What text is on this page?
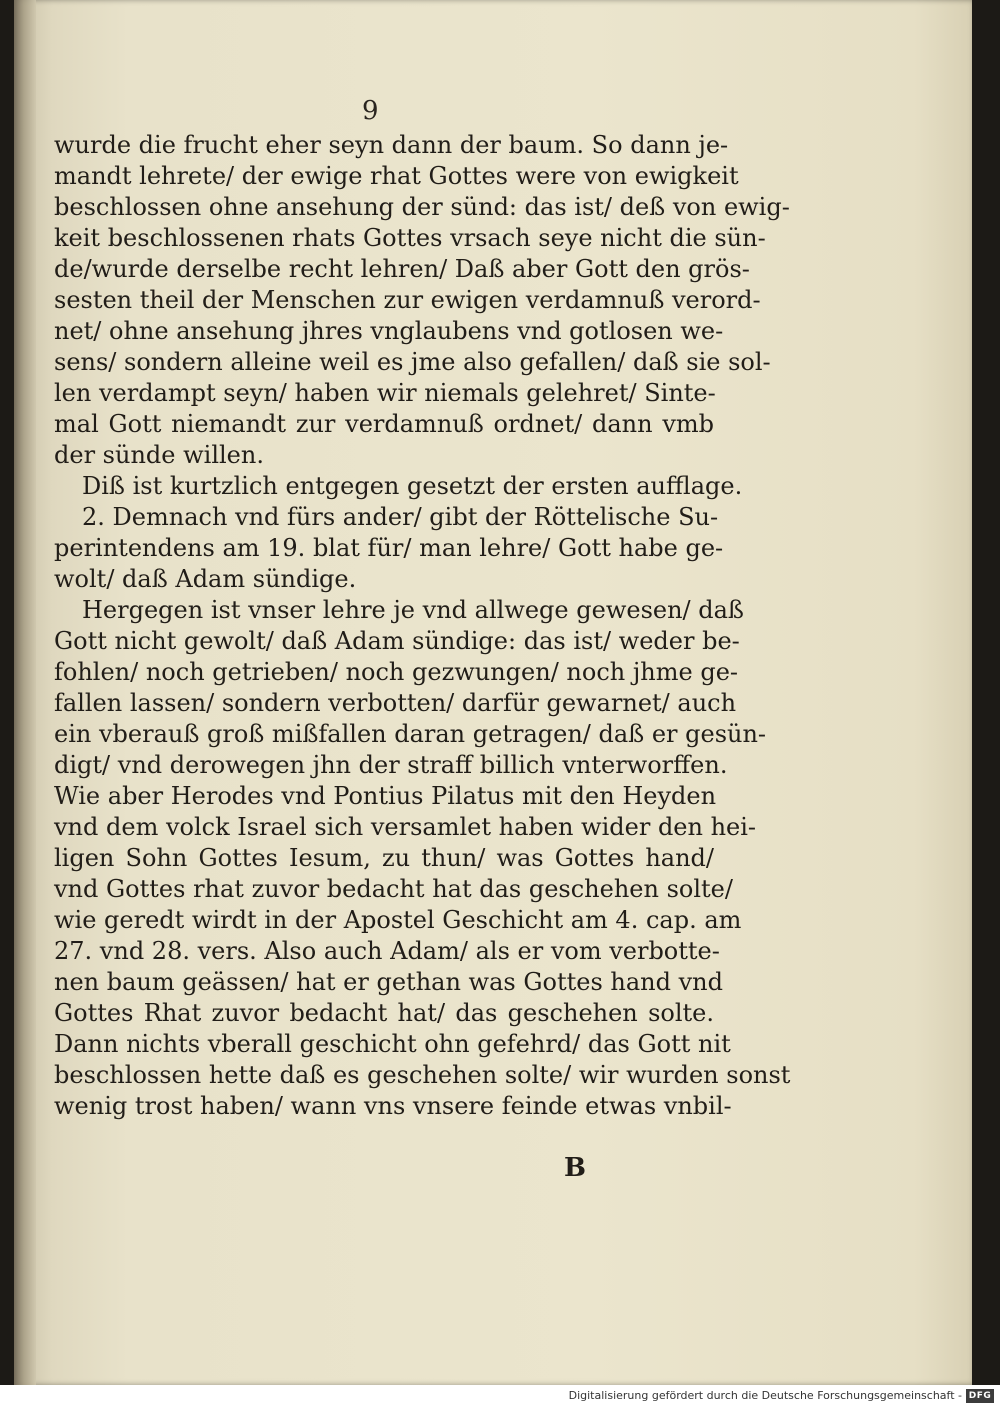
9
wurde die frucht eher seyn dann der baum. So dann je-
mandt lehrete/ der ewige rhat Gottes were von ewigkeit
beschlossen ohne ansehung der sünd: das ist/ deß von ewig-
keit beschlossenen rhats Gottes vrsach seye nicht die sün-
de/wurde derselbe recht lehren/ Daß aber Gott den grös-
sesten theil der Menschen zur ewigen verdamnuß verord-
net/ ohne ansehung jhres vnglaubens vnd gotlosen we-
sens/ sondern alleine weil es jme also gefallen/ daß sie sol-
len verdampt seyn/ haben wir niemals gelehret/ Sinte-
mal Gott niemandt zur verdamnuß ordnet/ dann vmb
der sünde willen.
Diß ist kurtzlich entgegen gesetzt der ersten aufflage.
2. Demnach vnd fürs ander/ gibt der Röttelische Su-
perintendens am 19. blat für/ man lehre/ Gott habe ge-
wolt/ daß Adam sündige.
Hergegen ist vnser lehre je vnd allwege gewesen/ daß
Gott nicht gewolt/ daß Adam sündige: das ist/ weder be-
fohlen/ noch getrieben/ noch gezwungen/ noch jhme ge-
fallen lassen/ sondern verbotten/ darfür gewarnet/ auch
ein vberauß groß mißfallen daran getragen/ daß er gesün-
digt/ vnd derowegen jhn der straff billich vnterworffen.
Wie aber Herodes vnd Pontius Pilatus mit den Heyden
vnd dem volck Israel sich versamlet haben wider den hei-
ligen Sohn Gottes Iesum, zu thun/ was Gottes hand/
vnd Gottes rhat zuvor bedacht hat das geschehen solte/
wie geredt wirdt in der Apostel Geschicht am 4. cap. am
27. vnd 28. vers. Also auch Adam/ als er vom verbotte-
nen baum geässen/ hat er gethan was Gottes hand vnd
Gottes Rhat zuvor bedacht hat/ das geschehen solte.
Dann nichts vberall geschicht ohn gefehrd/ das Gott nit
beschlossen hette daß es geschehen solte/ wir wurden sonst
wenig trost haben/ wann vns vnsere feinde etwas vnbil-
B
Digitalisierung gefördert durch die Deutsche Forschungsgemeinschaft - DFG
